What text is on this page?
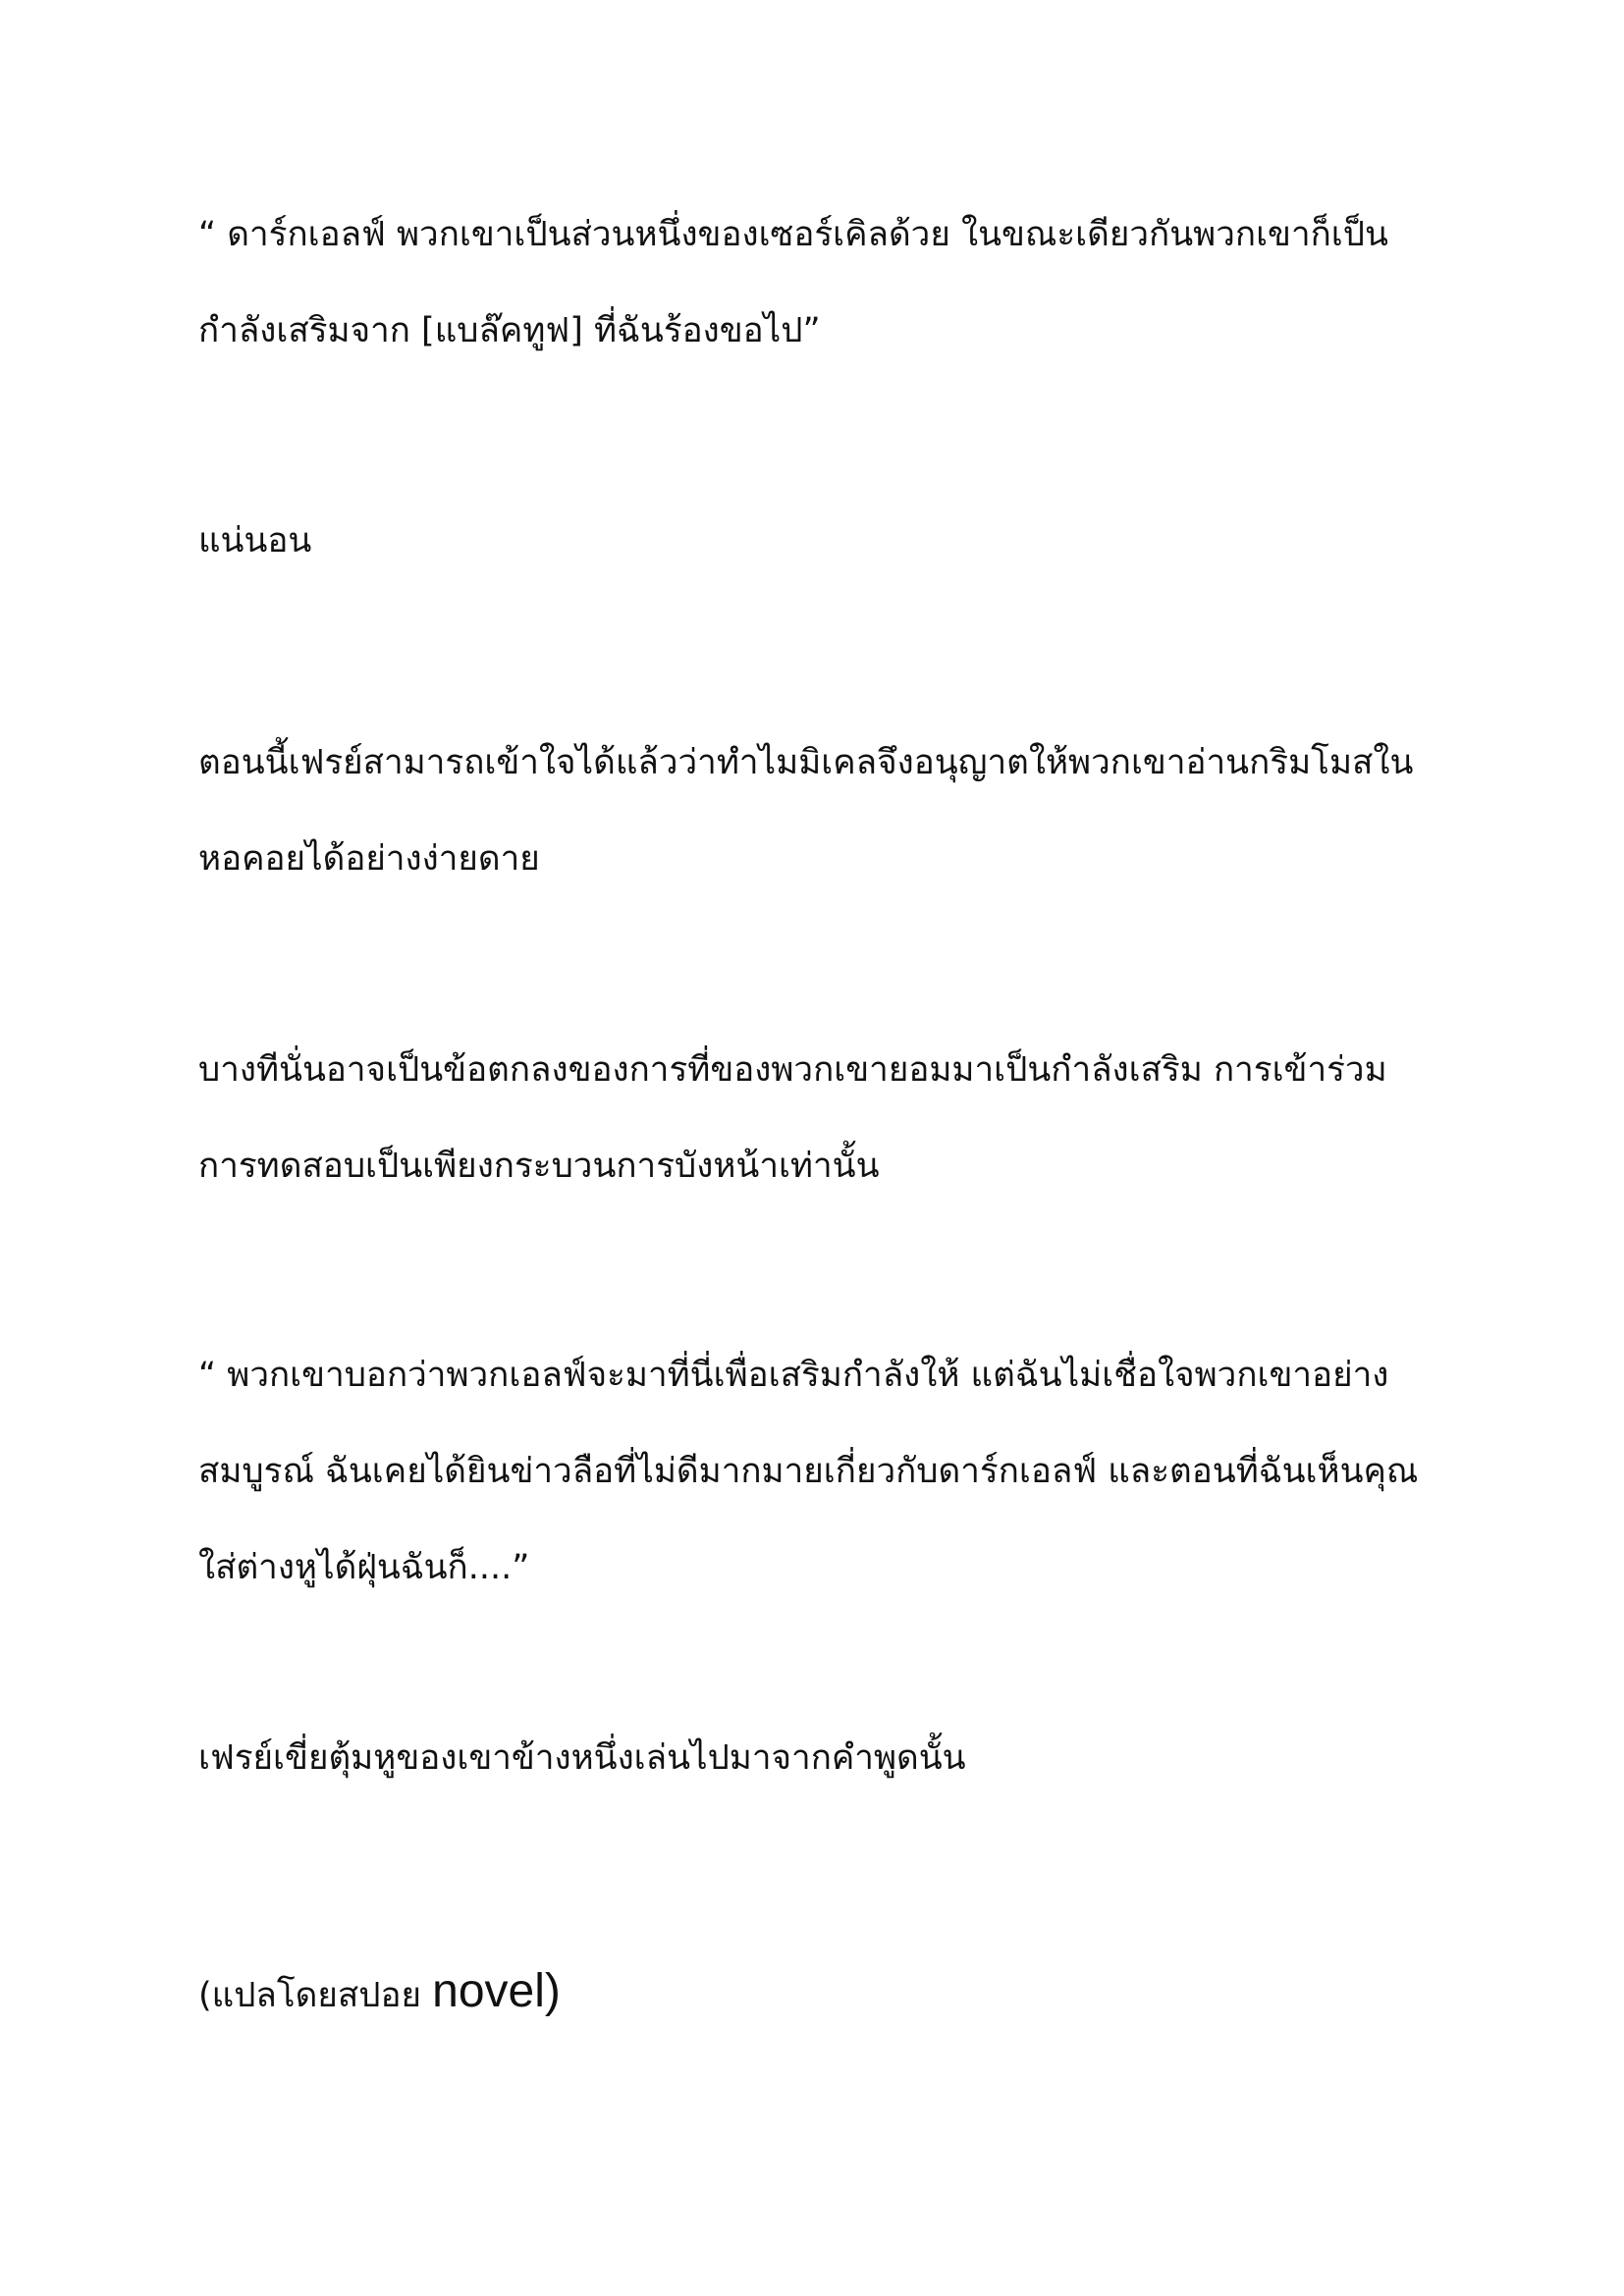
“ ดาร์กเอลฟ์ พวกเขาเป็นส่วนหนึ่งของเซอร์เคิลด้วย ในขณะเดียวกันพวกเขาก็เป็น
กำลังเสริมจาก [แบล๊คทูฟ] ที่ฉันร้องขอไป”
แน่นอน
ตอนนี้เฟรย์สามารถเข้าใจได้แล้วว่าทำไมมิเคลจึงอนุญาตให้พวกเขาอ่านกริมโมสใน
หอคอยได้อย่างง่ายดาย
บางทีนั่นอาจเป็นข้อตกลงของการที่ของพวกเขายอมมาเป็นกำลังเสริม การเข้าร่วม
การทดสอบเป็นเพียงกระบวนการบังหน้าเท่านั้น
“ พวกเขาบอกว่าพวกเอลฟ์จะมาที่นี่เพื่อเสริมกำลังให้ แต่ฉันไม่เชื่อใจพวกเขาอย่าง
สมบูรณ์ ฉันเคยได้ยินข่าวลือที่ไม่ดีมากมายเกี่ยวกับดาร์กเอลฟ์ และตอนที่ฉันเห็นคุณ
ใส่ต่างหูได้ฝุ่นฉันก็....”
เฟรย์เขี่ยตุ้มหูของเขาข้างหนึ่งเล่นไปมาจากคำพูดนั้น
(แปลโดยสปอย novel)
